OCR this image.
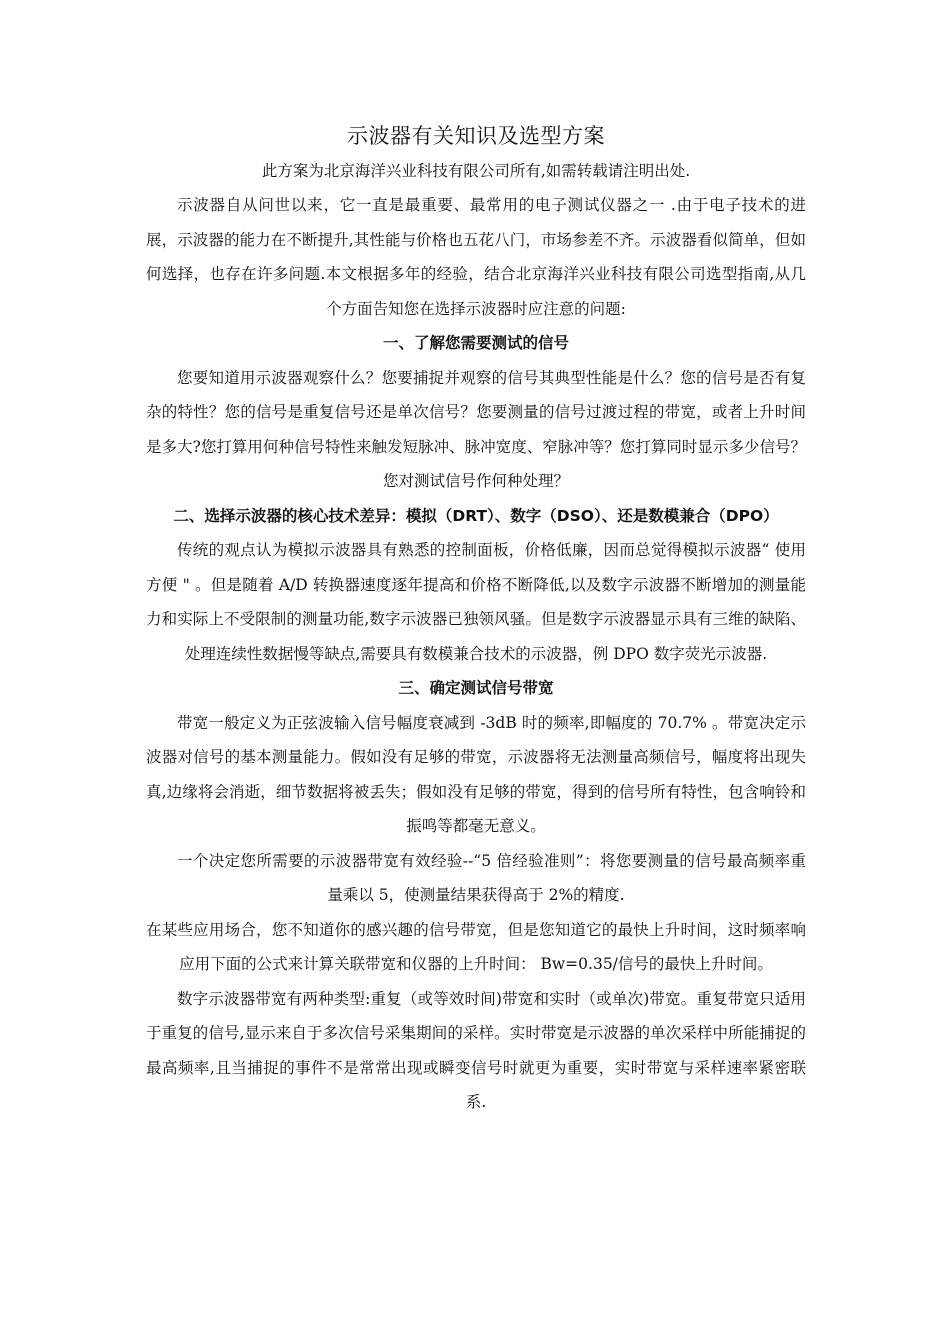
示波器有关知识及选型方案
此方案为北京海洋兴业科技有限公司所有,如需转载请注明出处.

示波器自从问世以来，它一直是最重要、最常用的电子测试仪器之一 .由于电子技术的进展，示波器的能力在不断提升,其性能与价格也五花八门，市场参差不齐。示波器看似简单，但如何选择，也存在许多问题.本文根据多年的经验，结合北京海洋兴业科技有限公司选型指南,从几个方面告知您在选择示波器时应注意的问题:

一、了解您需要测试的信号

您要知道用示波器观察什么？您要捕捉并观察的信号其典型性能是什么？您的信号是否有复杂的特性？您的信号是重复信号还是单次信号？您要测量的信号过渡过程的带宽，或者上升时间是多大?您打算用何种信号特性来触发短脉冲、脉冲宽度、窄脉冲等？您打算同时显示多少信号？您对测试信号作何种处理？

二、选择示波器的核心技术差异：模拟（DRT）、数字（DSO）、还是数模兼合（DPO）

传统的观点认为模拟示波器具有熟悉的控制面板，价格低廉，因而总觉得模拟示波器“ 使用方便 " 。但是随着 A/D 转换器速度逐年提高和价格不断降低,以及数字示波器不断增加的测量能力和实际上不受限制的测量功能,数字示波器已独领风骚。但是数字示波器显示具有三维的缺陷、处理连续性数据慢等缺点,需要具有数模兼合技术的示波器，例 DPO 数字荧光示波器.

三、确定测试信号带宽

带宽一般定义为正弦波输入信号幅度衰减到 -3dB 时的频率,即幅度的 70.7% 。带宽决定示波器对信号的基本测量能力。假如没有足够的带宽，示波器将无法测量高频信号，幅度将出现失真,边缘将会消逝，细节数据将被丢失；假如没有足够的带宽，得到的信号所有特性，包含响铃和振鸣等都毫无意义。

一个决定您所需要的示波器带宽有效经验--“5 倍经验准则”：将您要测量的信号最高频率重量乘以 5，使测量结果获得高于 2%的精度.

在某些应用场合，您不知道你的感兴趣的信号带宽，但是您知道它的最快上升时间，这时频率响应用下面的公式来计算关联带宽和仪器的上升时间： Bw=0.35/信号的最快上升时间。

数字示波器带宽有两种类型:重复（或等效时间)带宽和实时（或单次)带宽。重复带宽只适用于重复的信号,显示来自于多次信号采集期间的采样。实时带宽是示波器的单次采样中所能捕捉的最高频率,且当捕捉的事件不是常常出现或瞬变信号时就更为重要，实时带宽与采样速率紧密联系.
